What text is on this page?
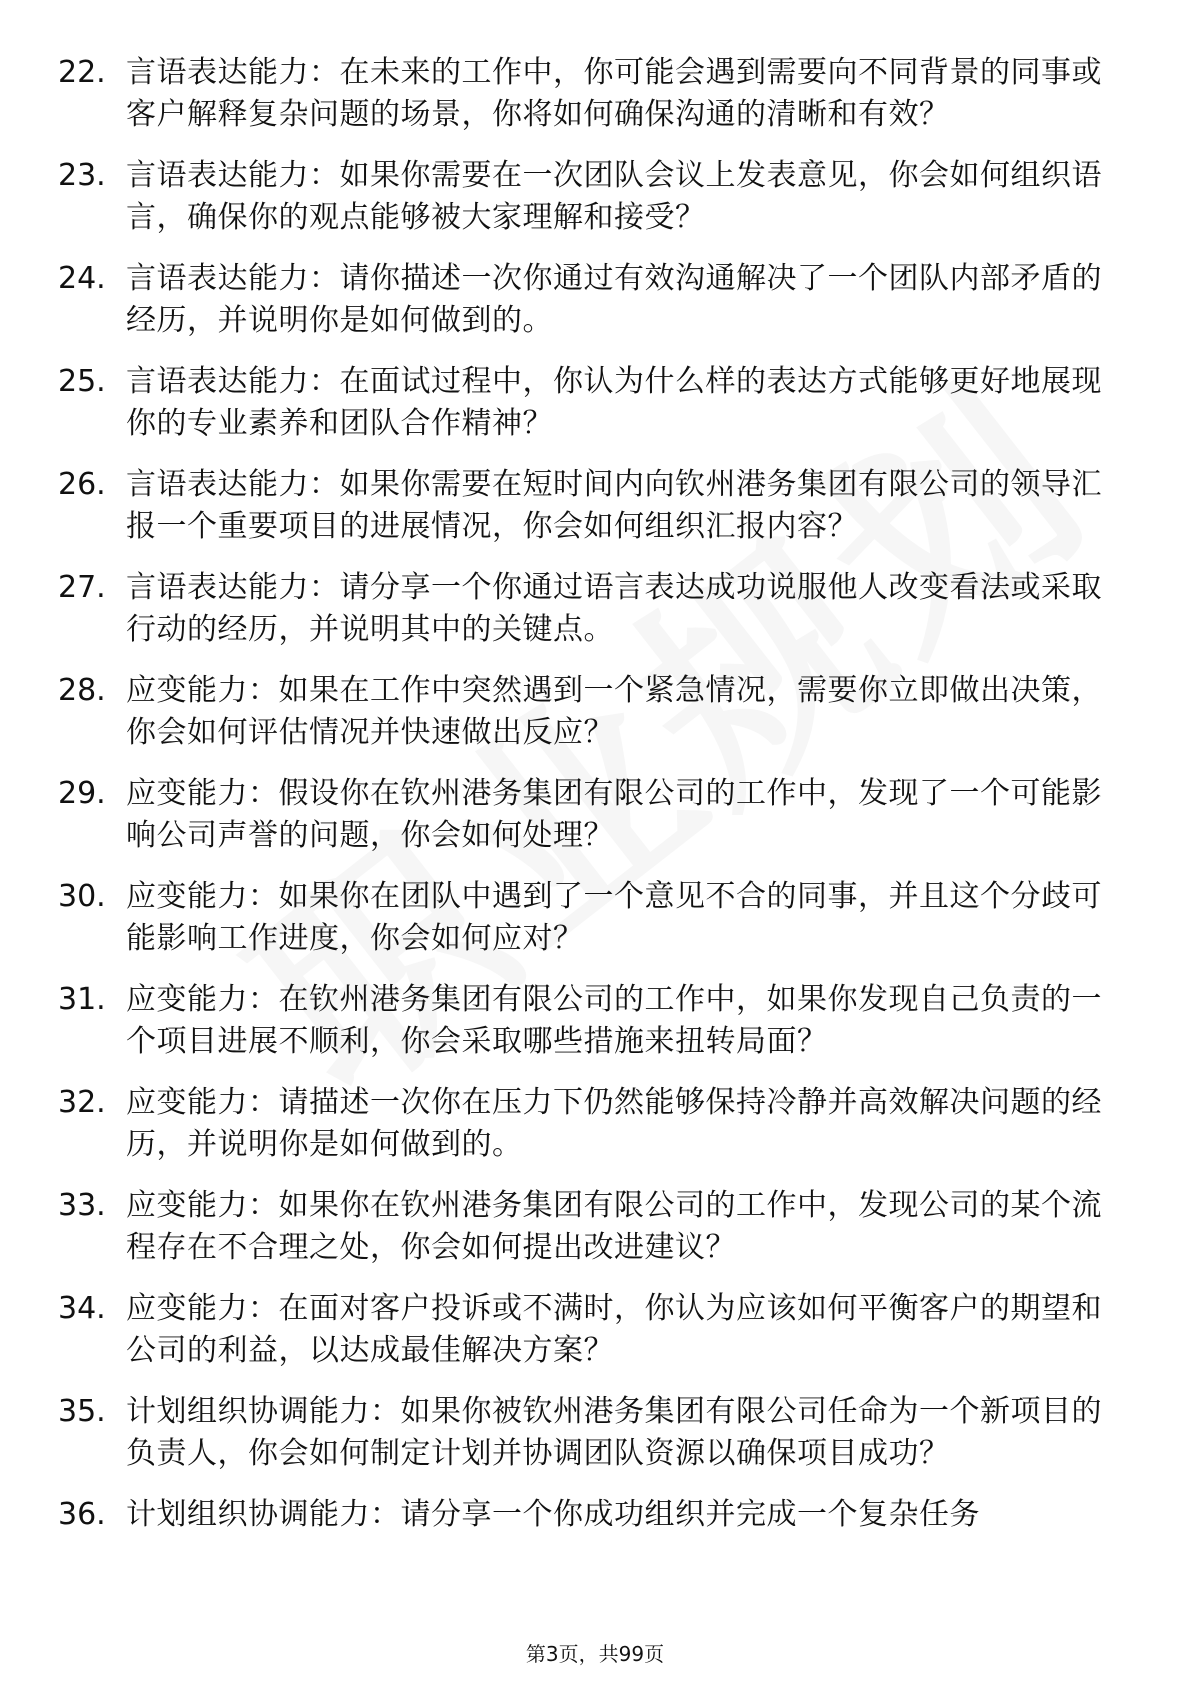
22. 言语表达能力：在未来的工作中，你可能会遇到需要向不同背景的同事或客户解释复杂问题的场景，你将如何确保沟通的清晰和有效？
23. 言语表达能力：如果你需要在一次团队会议上发表意见，你会如何组织语言，确保你的观点能够被大家理解和接受？
24. 言语表达能力：请你描述一次你通过有效沟通解决了一个团队内部矛盾的经历，并说明你是如何做到的。
25. 言语表达能力：在面试过程中，你认为什么样的表达方式能够更好地展现你的专业素养和团队合作精神？
26. 言语表达能力：如果你需要在短时间内向钦州港务集团有限公司的领导汇报一个重要项目的进展情况，你会如何组织汇报内容？
27. 言语表达能力：请分享一个你通过语言表达成功说服他人改变看法或采取行动的经历，并说明其中的关键点。
28. 应变能力：如果在工作中突然遇到一个紧急情况，需要你立即做出决策，你会如何评估情况并快速做出反应？
29. 应变能力：假设你在钦州港务集团有限公司的工作中，发现了一个可能影响公司声誉的问题，你会如何处理？
30. 应变能力：如果你在团队中遇到了一个意见不合的同事，并且这个分歧可能影响工作进度，你会如何应对？
31. 应变能力：在钦州港务集团有限公司的工作中，如果你发现自己负责的一个项目进展不顺利，你会采取哪些措施来扭转局面？
32. 应变能力：请描述一次你在压力下仍然能够保持冷静并高效解决问题的经历，并说明你是如何做到的。
33. 应变能力：如果你在钦州港务集团有限公司的工作中，发现公司的某个流程存在不合理之处，你会如何提出改进建议？
34. 应变能力：在面对客户投诉或不满时，你认为应该如何平衡客户的期望和公司的利益，以达成最佳解决方案？
35. 计划组织协调能力：如果你被钦州港务集团有限公司任命为一个新项目的负责人，你会如何制定计划并协调团队资源以确保项目成功？
36. 计划组织协调能力：请分享一个你成功组织并完成一个复杂任务
第3页，共99页
